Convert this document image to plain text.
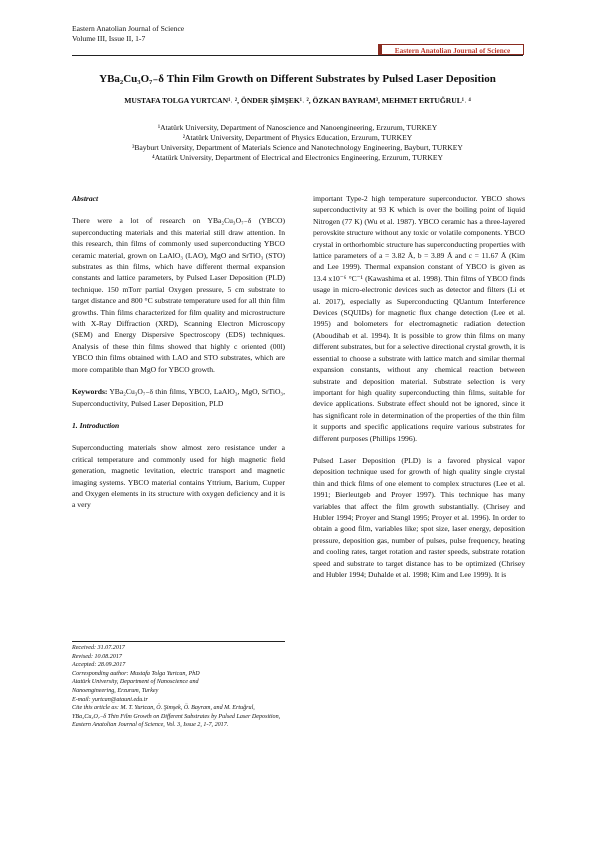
Eastern Anatolian Journal of Science
Volume III, Issue II, 1-7
Eastern Anatolian Journal of Science
YBa₂Cu₃O₇₋δ Thin Film Growth on Different Substrates by Pulsed Laser Deposition
MUSTAFA TOLGA YURTCAN¹˒ ², ÖNDER ŞİMŞEK¹˒ ², ÖZKAN BAYRAM³, MEHMET ERTUĞRUL¹˒ ⁴
¹Atatürk University, Department of Nanoscience and Nanoengineering, Erzurum, TURKEY
²Atatürk University, Department of Physics Education, Erzurum, TURKEY
³Bayburt University, Department of Materials Science and Nanotechnology Engineering, Bayburt, TURKEY
⁴Atatürk University, Department of Electrical and Electronics Engineering, Erzurum, TURKEY

Abstract

There were a lot of research on YBa₂Cu₃O₇₋δ (YBCO) superconducting materials and this material still draw attention. In this research, thin films of commonly used superconducting YBCO ceramic material, grown on LaAlO₃ (LAO), MgO and SrTiO₃ (STO) substrates as thin films, which have different thermal expansion constants and lattice parameters, by Pulsed Laser Deposition (PLD) technique. 150 mTorr partial Oxygen pressure, 5 cm substrate to target distance and 800 °C substrate temperature used for all thin film growths. Thin films characterized for film quality and microstructure with X-Ray Diffraction (XRD), Scanning Electron Microscopy (SEM) and Energy Dispersive Spectroscopy (EDS) techniques. Analysis of these thin films showed that highly c oriented (00l) YBCO thin films obtained with LAO and STO substrates, which are more compatible than MgO for YBCO growth.

Keywords: YBa₂Cu₃O₇₋δ thin films, YBCO, LaAlO₃, MgO, SrTiO₃, Superconductivity, Pulsed Laser Deposition, PLD

1. Introduction

Superconducting materials show almost zero resistance under a critical temperature and commonly used for high magnetic field generation, magnetic levitation, electric transport and magnetic imaging systems. YBCO material contains Yttrium, Barium, Cupper and Oxygen elements in its structure with oxygen deficiency and it is a very

Received: 31.07.2017
Revised: 10.08.2017
Accepted: 28.09.2017
Corresponding author: Mustafa Tolga Yurtcan, PhD
Atatürk University, Department of Nanoscience and
Nanoengineering, Erzurum, Turkey
E-mail: yurtcan@atauni.edu.tr
Cite this article as: M. T. Yurtcan, Ö. Şimşek, Ö. Bayram, and M. Ertuğrul, YBa₂Cu₃O₇₋δ Thin Film Growth on Different Substrates by Pulsed Laser Deposition, Eastern Anatolian Journal of Science, Vol. 3, Issue 2, 1-7, 2017.

important Type-2 high temperature superconductor. YBCO shows superconductivity at 93 K which is over the boiling point of liquid Nitrogen (77 K) (Wu et al. 1987). YBCO ceramic has a three-layered perovskite structure without any toxic or volatile components. YBCO crystal in orthorhombic structure has superconducting properties with lattice parameters of a = 3.82 Å, b = 3.89 Å and c = 11.67 Å (Kim and Lee 1999). Thermal expansion constant of YBCO is given as 13.4 x10⁻⁶ °C⁻¹ (Kawashima et al. 1998). Thin films of YBCO finds usage in micro-electronic devices such as detector and filters (Li et al. 2017), especially as Superconducting QUantum Interference Devices (SQUIDs) for magnetic flux change detection (Lee et al. 1995) and bolometers for electromagnetic radiation detection (Aboudihab et al. 1994). It is possible to grow thin films on many different substrates, but for a selective directional crystal growth, it is essential to choose a substrate with lattice match and similar thermal expansion constants, without any chemical reaction between substrate and deposition material. Substrate selection is very important for high quality superconducting thin films, suitable for device applications. Substrate effect should not be ignored, since it has significant role in determination of the properties of the thin film it supports and specific applications require various substrates for different purposes (Phillips 1996).

Pulsed Laser Deposition (PLD) is a favored physical vapor deposition technique used for growth of high quality single crystal thin and thick films of one element to complex structures (Lee et al. 1991; Bierleutgeb and Proyer 1997). This technique has many variables that affect the film growth substantially. (Chrisey and Hubler 1994; Proyer and Stangl 1995; Proyer et al. 1996). In order to obtain a good film, variables like; spot size, laser energy, deposition pressure, deposition gas, number of pulses, pulse frequency, heating and cooling rates, target rotation and raster speeds, substrate rotation speed and substrate to target distance has to be optimized (Chrisey and Hubler 1994; Duhalde et al. 1998; Kim and Lee 1999). It is
